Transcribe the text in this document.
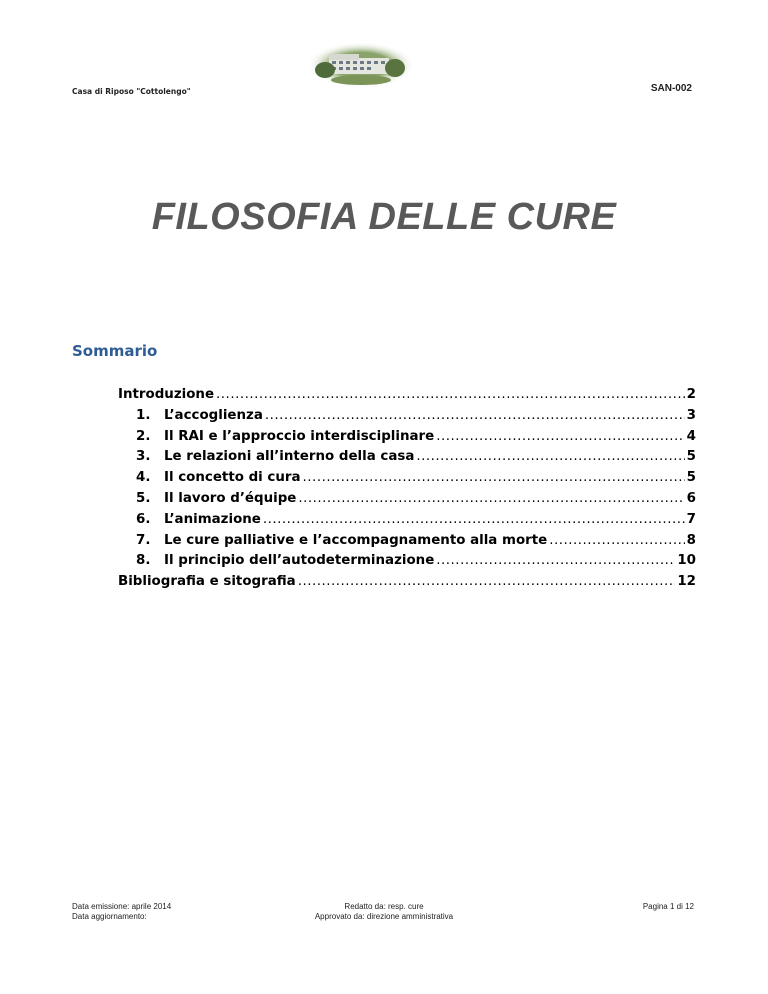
Casa di Riposo "Cottolengo"	SAN-002
FILOSOFIA DELLE CURE
Sommario
Introduzione .....	2
1.	L’accoglienza .....	3
2.	Il RAI e l’approccio interdisciplinare .....	4
3.	Le relazioni all’interno della casa .....	5
4.	Il concetto di cura .....	5
5.	Il lavoro d’équipe .....	6
6.	L’animazione .....	7
7.	Le cure palliative e l’accompagnamento alla morte .....	8
8.	Il principio dell’autodeterminazione .....	10
Bibliografia e sitografia .....	12
Data emissione: aprile 2014
Data aggiornamento:
Redatto da: resp. cure
Approvato da: direzione amministrativa
Pagina 1 di 12
